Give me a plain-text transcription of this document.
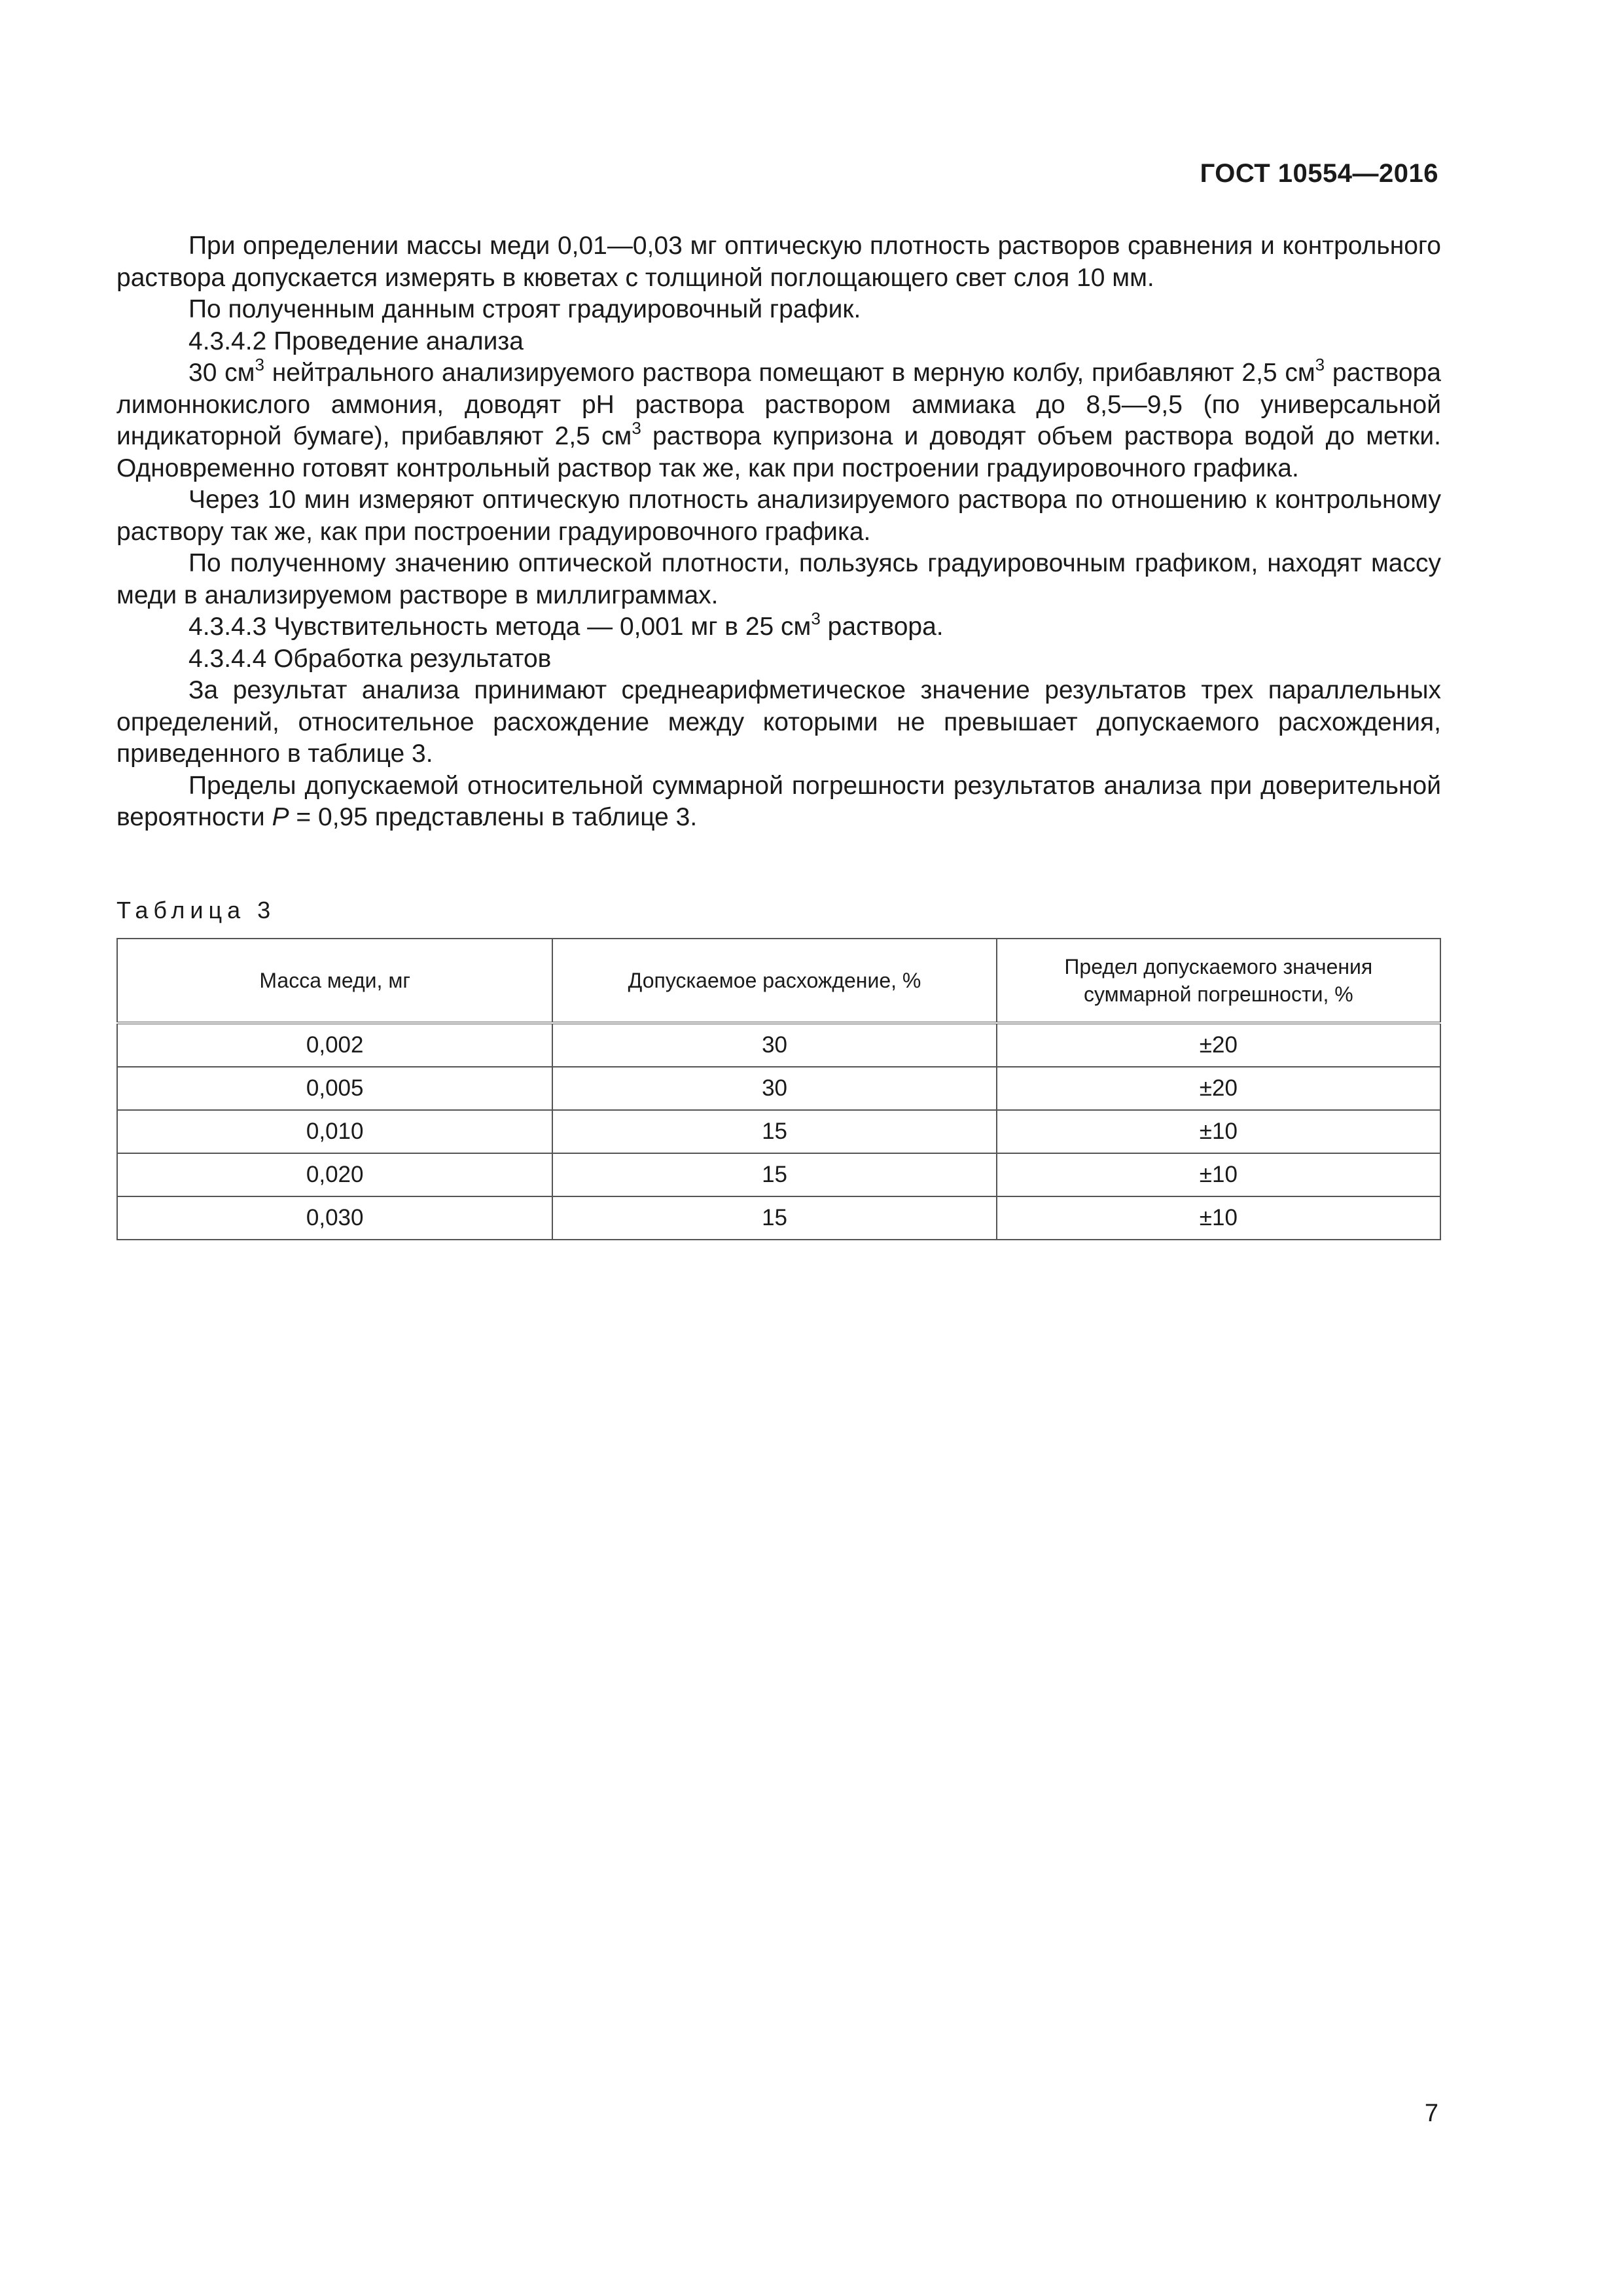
ГОСТ 10554—2016

При определении массы меди 0,01—0,03 мг оптическую плотность растворов сравнения и контрольного раствора допускается измерять в кюветах с толщиной поглощающего свет слоя 10 мм.

По полученным данным строят градуировочный график.

4.3.4.2 Проведение анализа

30 $см^3$ нейтрального анализируемого раствора помещают в мерную колбу, прибавляют 2,5 $см^3$ раствора лимоннокислого аммония, доводят pH раствора раствором аммиака до 8,5—9,5 (по универсальной индикаторной бумаге), прибавляют 2,5 $см^3$ раствора купризона и доводят объем раствора водой до метки. Одновременно готовят контрольный раствор так же, как при построении градуировочного графика.

Через 10 мин измеряют оптическую плотность анализируемого раствора по отношению к контрольному раствору так же, как при построении градуировочного графика.

По полученному значению оптической плотности, пользуясь градуировочным графиком, находят массу меди в анализируемом растворе в миллиграммах.

4.3.4.3 Чувствительность метода — 0,001 мг в 25 $см^3$ раствора.

4.3.4.4 Обработка результатов

За результат анализа принимают среднеарифметическое значение результатов трех параллельных определений, относительное расхождение между которыми не превышает допускаемого расхождения, приведенного в таблице 3.

Пределы допускаемой относительной суммарной погрешности результатов анализа при доверительной вероятности P = 0,95 представлены в таблице 3.

Таблица 3
Масса меди, мг	Допускаемое расхождение, %	Предел допускаемого значения суммарной погрешности, %
0,002	30	±20
0,005	30	±20
0,010	15	±10
0,020	15	±10
0,030	15	±10
7
